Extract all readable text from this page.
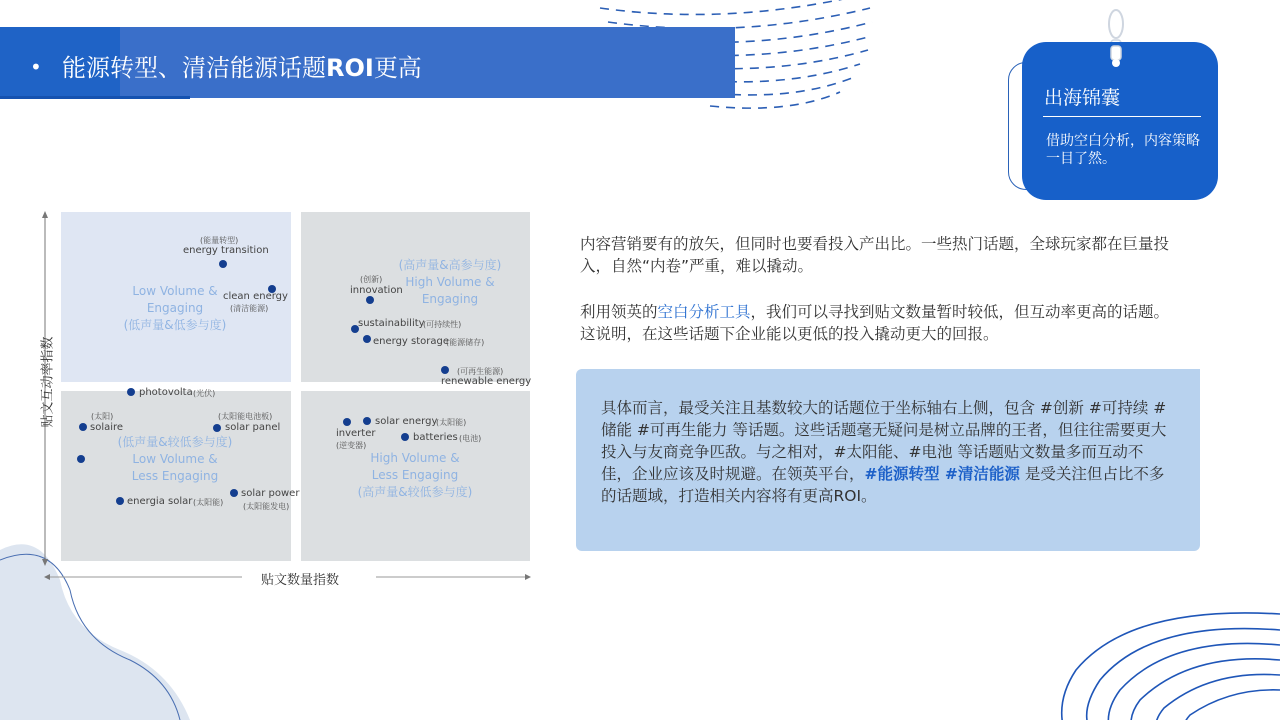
• 能源转型、清洁能源话题ROI更高
出海锦囊
借助空白分析，内容策略一目了然。
贴文互动率指数
贴文数量指数
Low Volume &
Engaging
(低声量&低参与度)
(高声量&高参与度)
High Volume &
Engaging
(低声量&较低参与度)
Low Volume &
Less Engaging
High Volume &
Less Engaging
(高声量&较低参与度)
(能量转型)
energy transition
clean energy
(清洁能源)
(创新)
innovation
sustainability
(可持续性)
energy storage
(能源储存)
(可再生能源)
renewable energy
photovolta (光伏)
(太阳)
solaire
(太阳能电池板)
solar panel
energia solar (太阳能)
solar power
(太阳能发电)
solar energy
(太阳能)
inverter
(逆变器)
batteries (电池)
内容营销要有的放矢，但同时也要看投入产出比。一些热门话题，全球玩家都在巨量投入，自然“内卷”严重，难以撬动。
利用领英的空白分析工具，我们可以寻找到贴文数量暂时较低，但互动率更高的话题。这说明，在这些话题下企业能以更低的投入撬动更大的回报。
具体而言，最受关注且基数较大的话题位于坐标轴右上侧，包含 #创新 #可持续 #储能 #可再生能力 等话题。这些话题毫无疑问是树立品牌的王者，但往往需要更大投入与友商竞争匹敌。与之相对，#太阳能、#电池 等话题贴文数量多而互动不佳，企业应该及时规避。在领英平台，#能源转型 #清洁能源 是受关注但占比不多的话题域，打造相关内容将有更高ROI。
